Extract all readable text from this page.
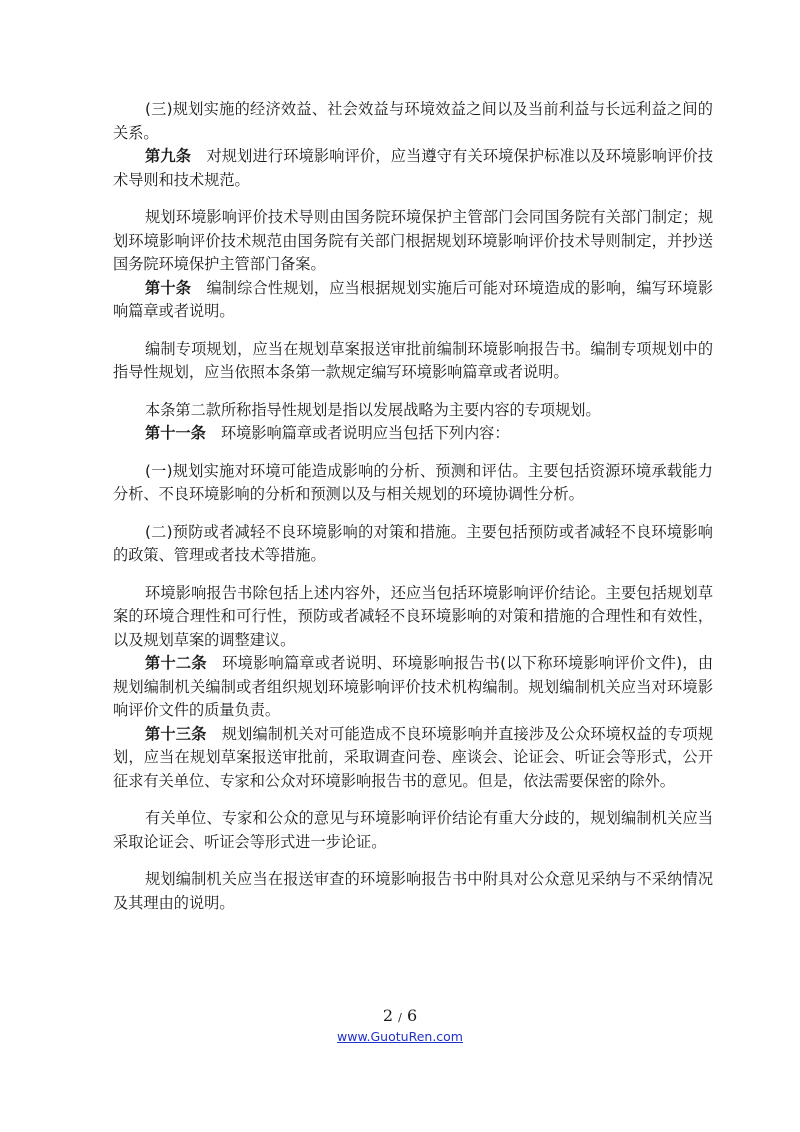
(三)规划实施的经济效益、社会效益与环境效益之间以及当前利益与长远利益之间的关系。

第九条　 对规划进行环境影响评价，应当遵守有关环境保护标准以及环境影响评价技术导则和技术规范。

规划环境影响评价技术导则由国务院环境保护主管部门会同国务院有关部门制定；规划环境影响评价技术规范由国务院有关部门根据规划环境影响评价技术导则制定，并抄送国务院环境保护主管部门备案。

第十条　 编制综合性规划，应当根据规划实施后可能对环境造成的影响，编写环境影响篇章或者说明。

编制专项规划，应当在规划草案报送审批前编制环境影响报告书。编制专项规划中的指导性规划，应当依照本条第一款规定编写环境影响篇章或者说明。

本条第二款所称指导性规划是指以发展战略为主要内容的专项规划。

第十一条　 环境影响篇章或者说明应当包括下列内容：

(一)规划实施对环境可能造成影响的分析、预测和评估。主要包括资源环境承载能力分析、不良环境影响的分析和预测以及与相关规划的环境协调性分析。

(二)预防或者减轻不良环境影响的对策和措施。主要包括预防或者减轻不良环境影响的政策、管理或者技术等措施。

环境影响报告书除包括上述内容外，还应当包括环境影响评价结论。主要包括规划草案的环境合理性和可行性，预防或者减轻不良环境影响的对策和措施的合理性和有效性，以及规划草案的调整建议。

第十二条　 环境影响篇章或者说明、环境影响报告书(以下称环境影响评价文件)，由规划编制机关编制或者组织规划环境影响评价技术机构编制。规划编制机关应当对环境影响评价文件的质量负责。

第十三条　 规划编制机关对可能造成不良环境影响并直接涉及公众环境权益的专项规划，应当在规划草案报送审批前，采取调查问卷、座谈会、论证会、听证会等形式，公开征求有关单位、专家和公众对环境影响报告书的意见。但是，依法需要保密的除外。

有关单位、专家和公众的意见与环境影响评价结论有重大分歧的，规划编制机关应当采取论证会、听证会等形式进一步论证。

规划编制机关应当在报送审查的环境影响报告书中附具对公众意见采纳与不采纳情况及其理由的说明。

2 / 6
www.GuotuRen.com
